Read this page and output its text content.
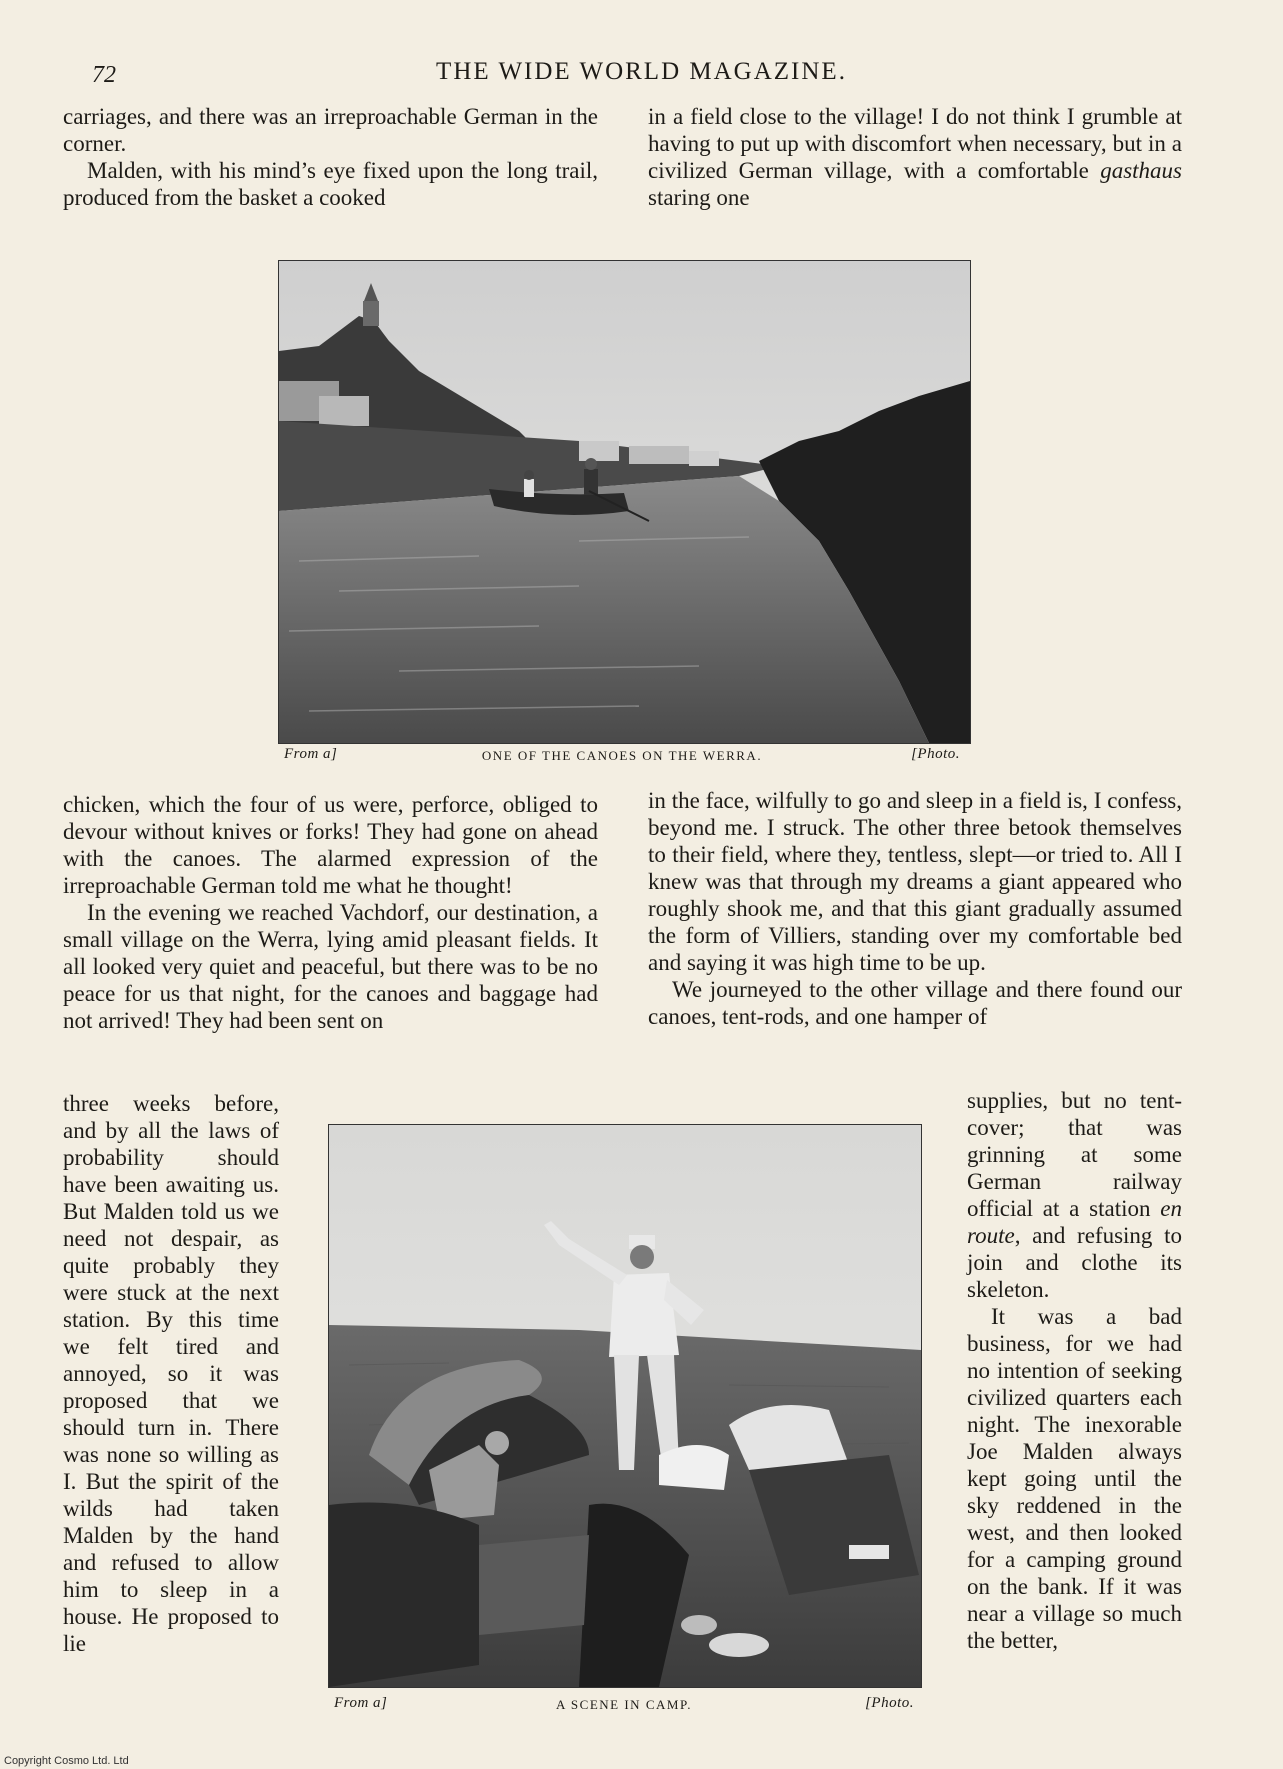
72	THE WIDE WORLD MAGAZINE.

carriages, and there was an irreproachable German in the corner.

Malden, with his mind’s eye fixed upon the long trail, produced from the basket a cooked

in a field close to the village! I do not think I grumble at having to put up with discomfort when necessary, but in a civilized German village, with a comfortable gasthaus staring one

From a]	ONE OF THE CANOES ON THE WERRA.	[Photo.

chicken, which the four of us were, perforce, obliged to devour without knives or forks! They had gone on ahead with the canoes. The alarmed expression of the irreproachable German told me what he thought!

In the evening we reached Vachdorf, our destination, a small village on the Werra, lying amid pleasant fields. It all looked very quiet and peaceful, but there was to be no peace for us that night, for the canoes and baggage had not arrived! They had been sent on

in the face, wilfully to go and sleep in a field is, I confess, beyond me. I struck. The other three betook themselves to their field, where they, tentless, slept—or tried to. All I knew was that through my dreams a giant appeared who roughly shook me, and that this giant gradually assumed the form of Villiers, standing over my comfortable bed and saying it was high time to be up.

We journeyed to the other village and there found our canoes, tent-rods, and one hamper of

three weeks before, and by all the laws of probability should have been awaiting us. But Malden told us we need not despair, as quite probably they were stuck at the next station. By this time we felt tired and annoyed, so it was proposed that we should turn in. There was none so willing as I. But the spirit of the wilds had taken Malden by the hand and refused to allow him to sleep in a house. He proposed to lie

supplies, but no tent-cover; that was grinning at some German railway official at a station en route, and refusing to join and clothe its skeleton.

It was a bad business, for we had no intention of seeking civilized quarters each night. The inexorable Joe Malden always kept going until the sky reddened in the west, and then looked for a camping ground on the bank. If it was near a village so much the better,

From a]	A SCENE IN CAMP.	[Photo.
Copyright Cosmo Ltd. Ltd
